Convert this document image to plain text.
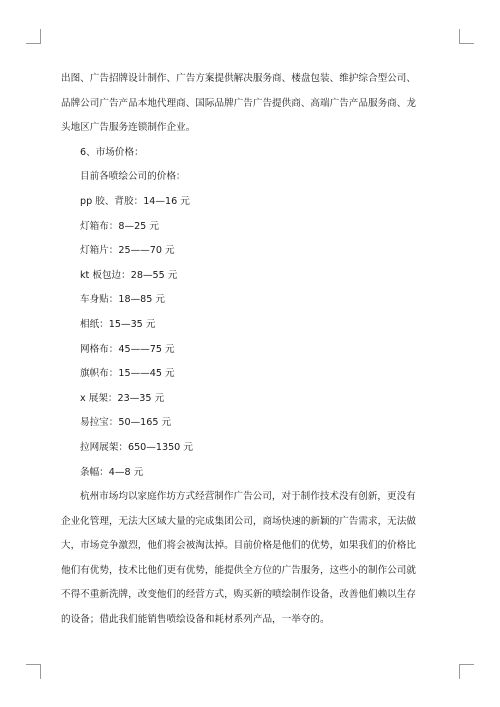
出图、广告招牌设计制作、广告方案提供解决服务商、楼盘包装、维护综合型公司、
品牌公司广告产品本地代理商、国际品牌广告广告提供商、高端广告产品服务商、龙
头地区广告服务连锁制作企业。
6、市场价格：
目前各喷绘公司的价格：
pp 胶、背胶：14—16 元
灯箱布：8—25 元
灯箱片：25——70 元
kt 板包边：28—55 元
车身贴：18—85 元
相纸：15—35 元
网格布：45——75 元
旗帜布：15——45 元
x 展架：23—35 元
易拉宝：50—165 元
拉网展架：650—1350 元
条幅：4—8 元
杭州市场均以家庭作坊方式经营制作广告公司，对于制作技术没有创新，更没有
企业化管理，无法大区域大量的完成集团公司，商场快速的新颖的广告需求，无法做
大，市场竞争激烈，他们将会被淘汰掉。目前价格是他们的优势，如果我们的价格比
他们有优势，技术比他们更有优势，能提供全方位的广告服务，这些小的制作公司就
不得不重新洗牌，改变他们的经营方式，购买新的喷绘制作设备，改善他们赖以生存
的设备；借此我们能销售喷绘设备和耗材系列产品，一举夺的。
